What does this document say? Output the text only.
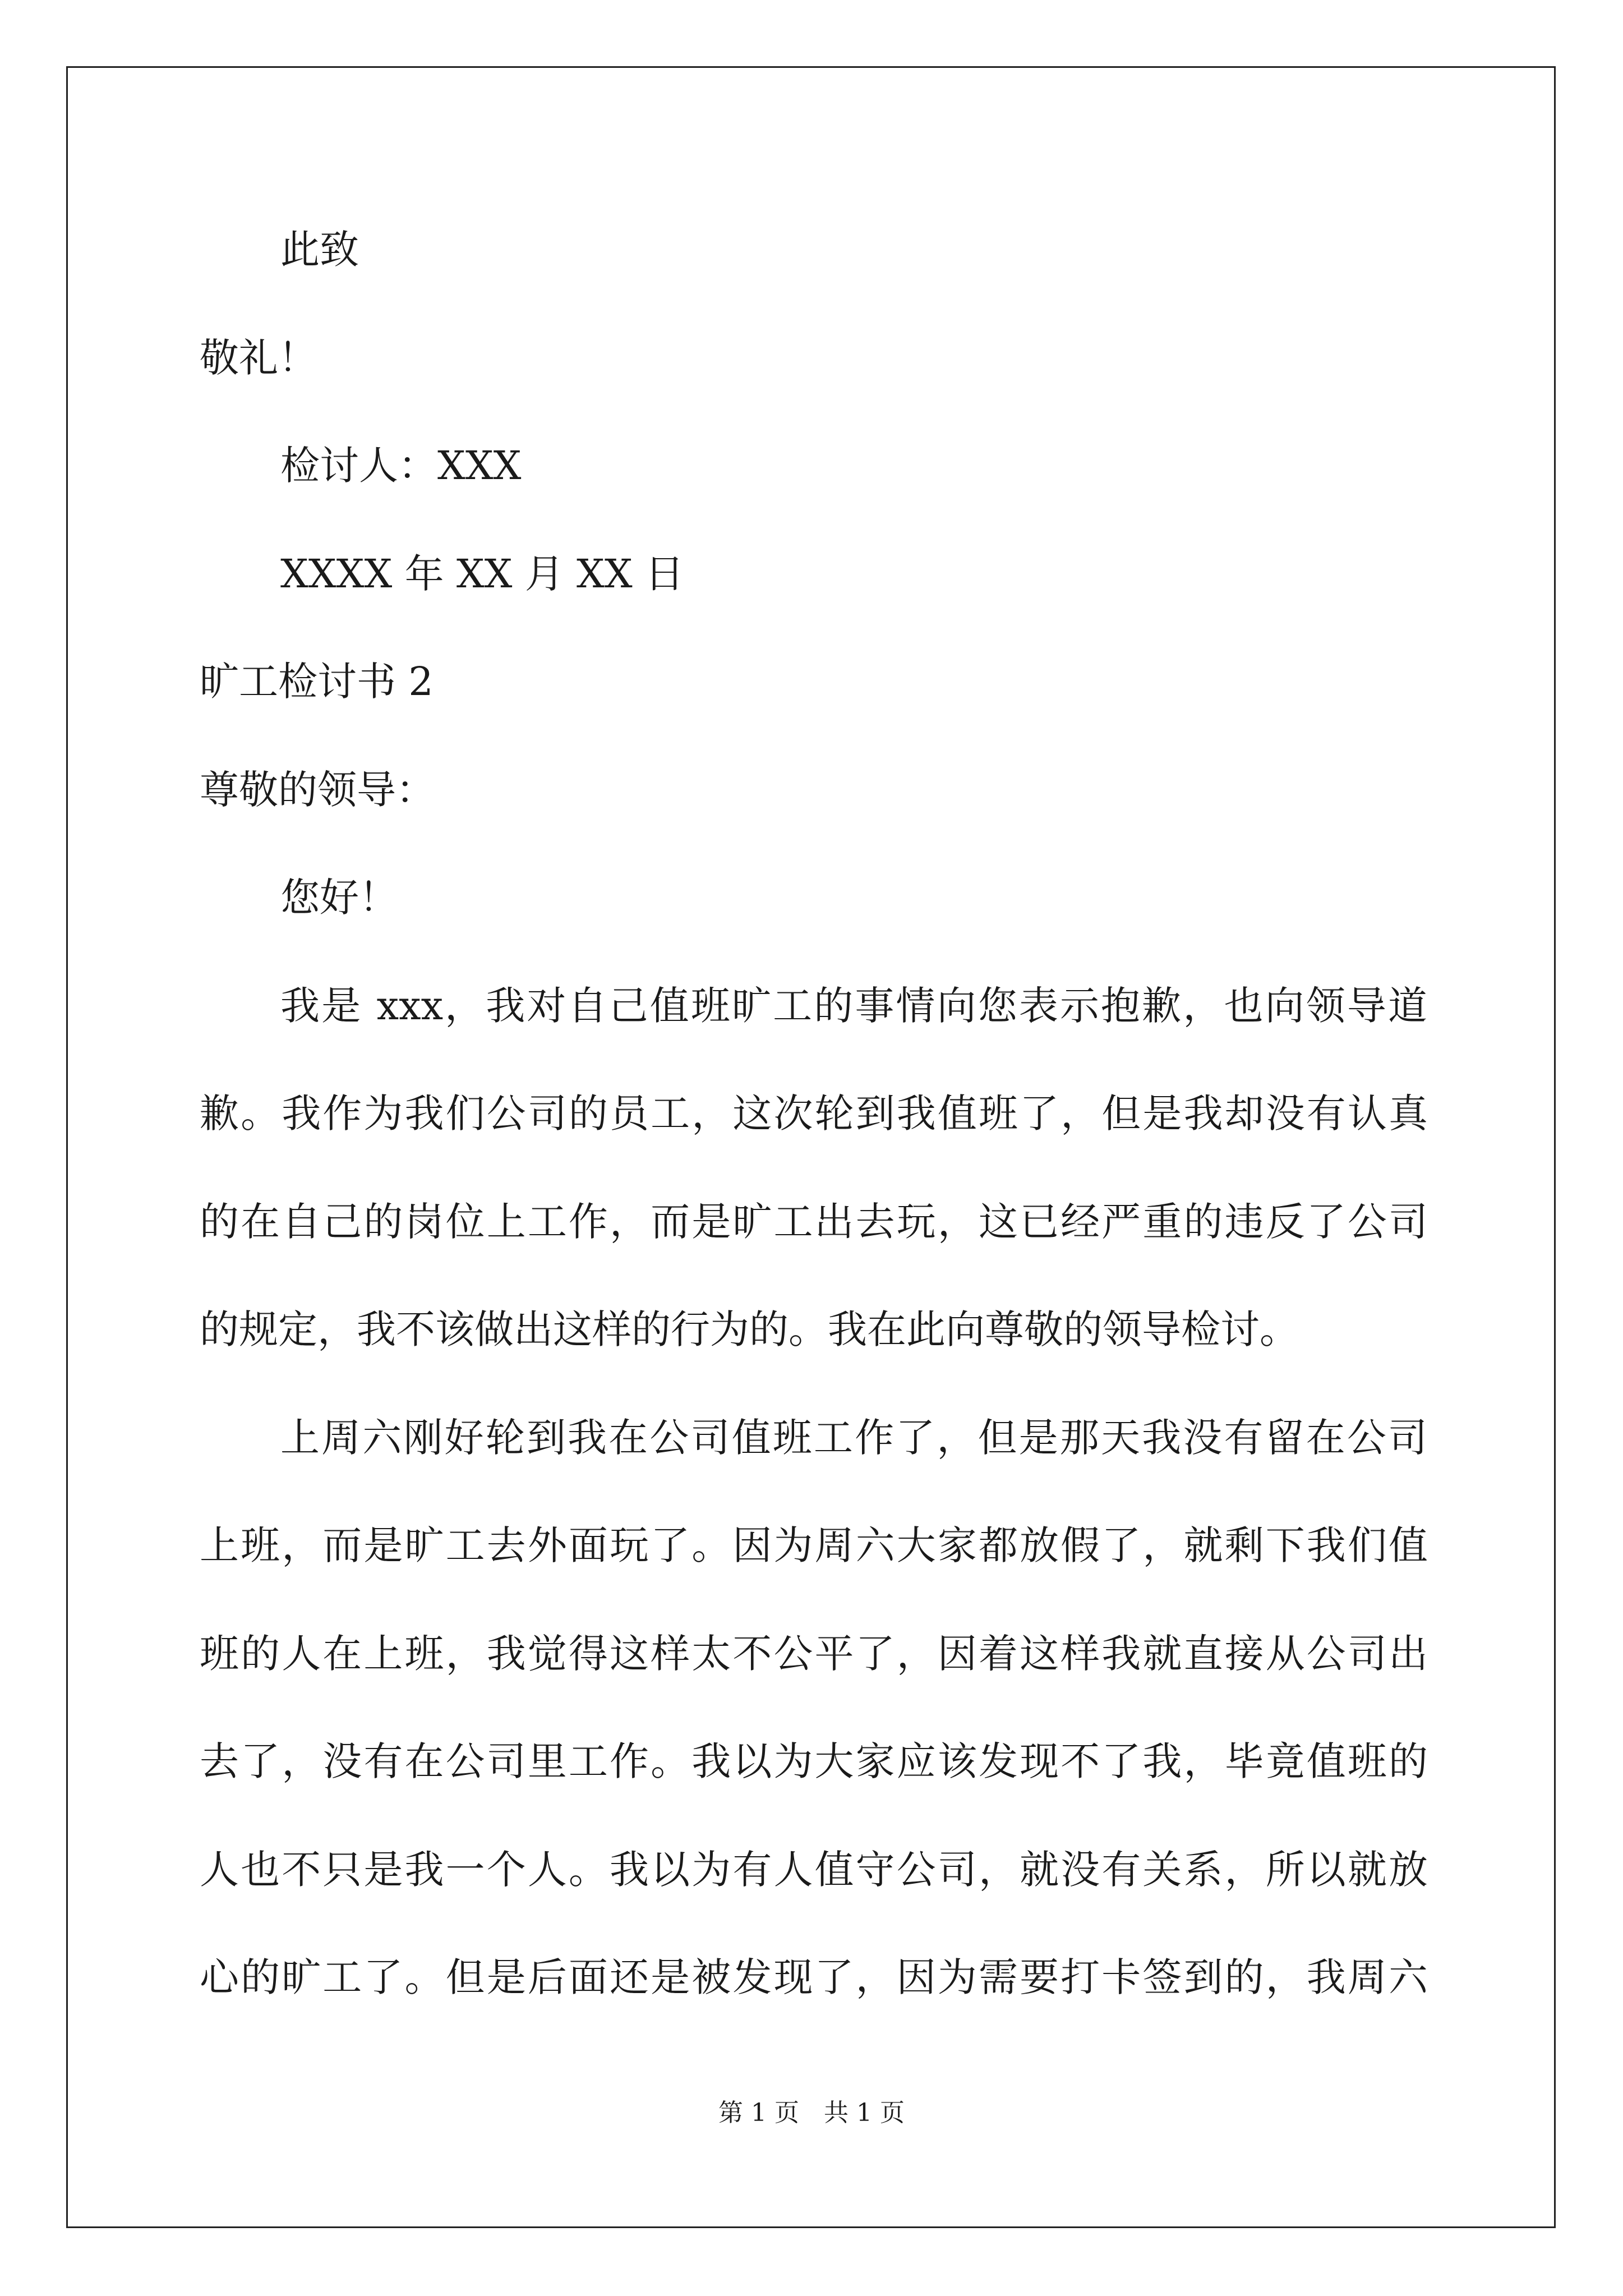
此致
敬礼！
检讨人：XXX
XXXX 年 XX 月 XX 日
旷工检讨书 2
尊敬的领导：
您好！
我是 xxx，我对自己值班旷工的事情向您表示抱歉，也向领导道
歉。我作为我们公司的员工，这次轮到我值班了，但是我却没有认真
的在自己的岗位上工作，而是旷工出去玩，这已经严重的违反了公司
的规定，我不该做出这样的行为的。我在此向尊敬的领导检讨。
上周六刚好轮到我在公司值班工作了，但是那天我没有留在公司
上班，而是旷工去外面玩了。因为周六大家都放假了，就剩下我们值
班的人在上班，我觉得这样太不公平了，因着这样我就直接从公司出
去了，没有在公司里工作。我以为大家应该发现不了我，毕竟值班的
人也不只是我一个人。我以为有人值守公司，就没有关系，所以就放
心的旷工了。但是后面还是被发现了，因为需要打卡签到的，我周六
第 1 页　共 1 页
